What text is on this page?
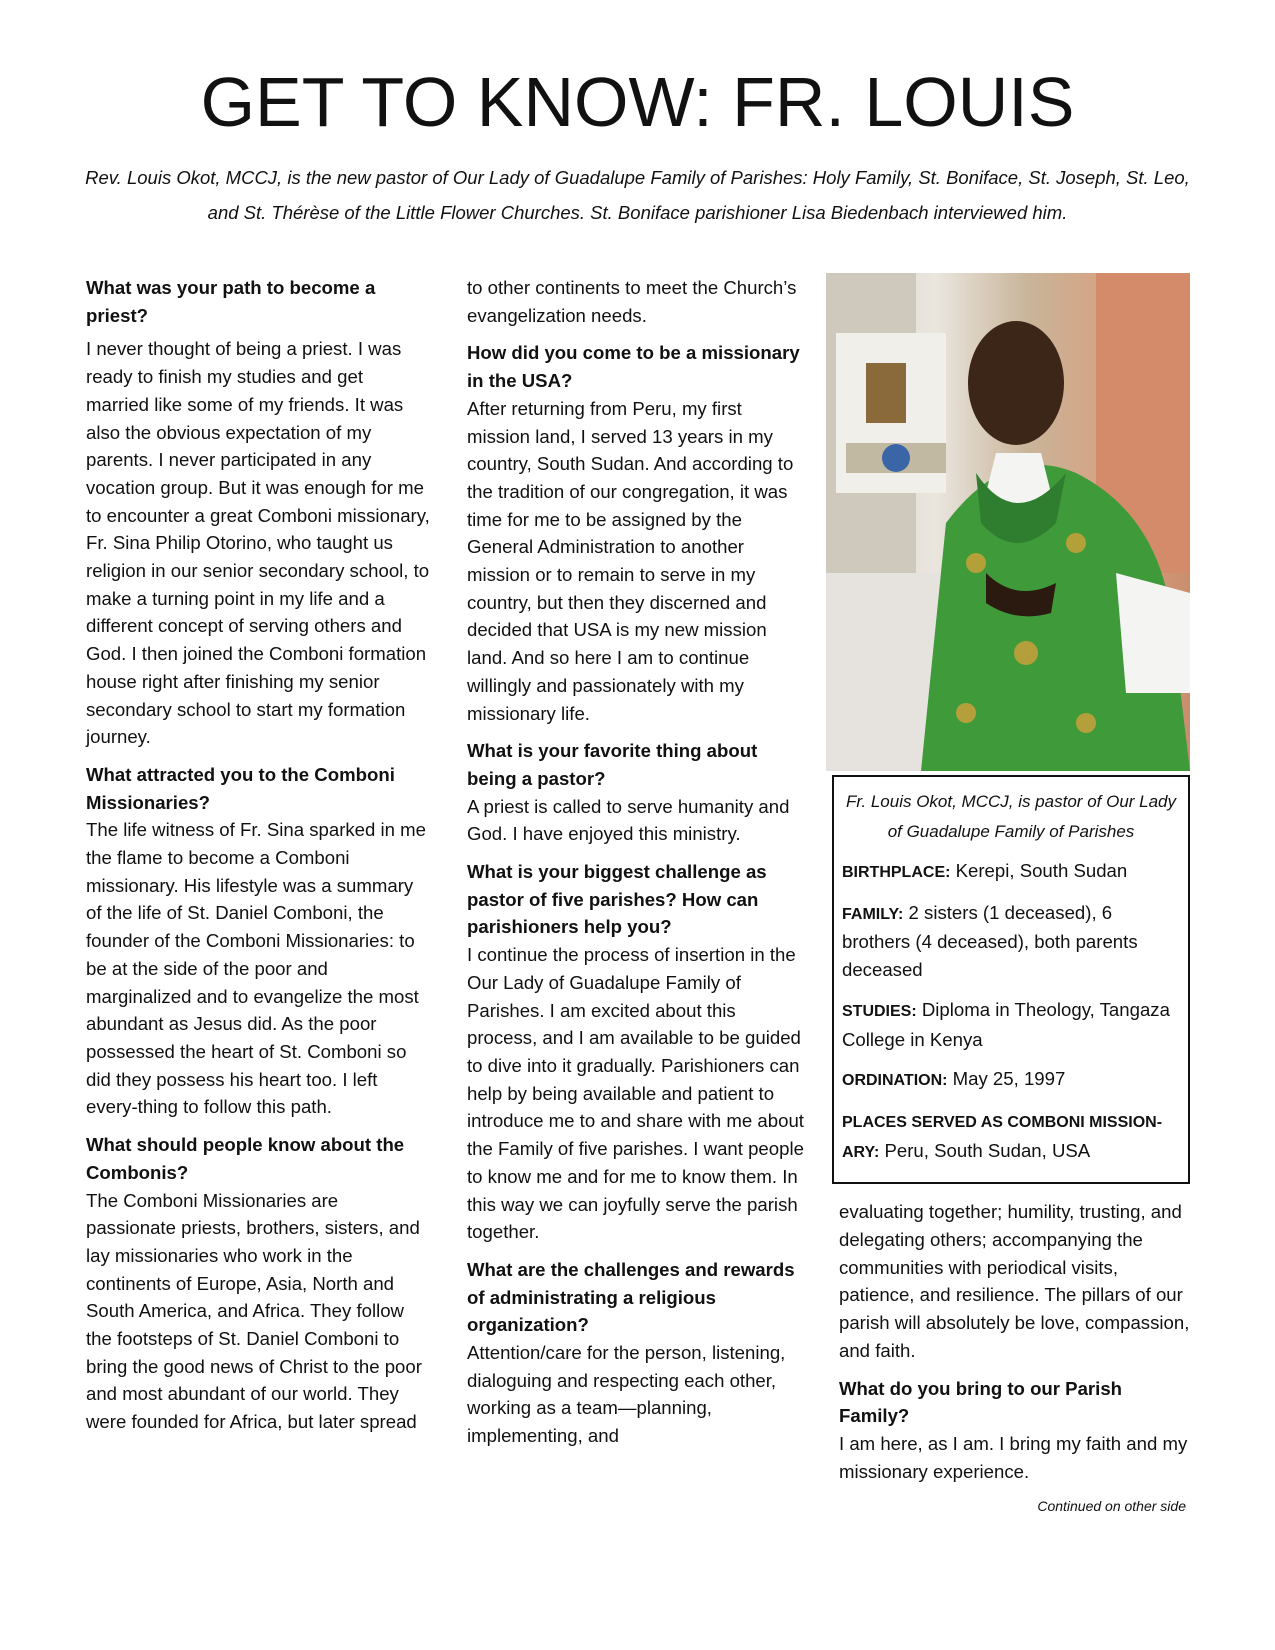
GET TO KNOW: FR. LOUIS
Rev. Louis Okot, MCCJ, is the new pastor of Our Lady of Guadalupe Family of Parishes: Holy Family, St. Boniface, St. Joseph, St. Leo, and St. Thérèse of the Little Flower Churches. St. Boniface parishioner Lisa Biedenbach interviewed him.
What was your path to become a priest?

I never thought of being a priest. I was ready to finish my studies and get married like some of my friends. It was also the obvious expectation of my parents. I never participated in any vocation group. But it was enough for me to encounter a great Comboni missionary, Fr. Sina Philip Otorino, who taught us religion in our senior secondary school, to make a turning point in my life and a different concept of serving others and God. I then joined the Comboni formation house right after finishing my senior secondary school to start my formation journey.

What attracted you to the Comboni Missionaries?

The life witness of Fr. Sina sparked in me the flame to become a Comboni missionary. His lifestyle was a summary of the life of St. Daniel Comboni, the founder of the Comboni Missionaries: to be at the side of the poor and marginalized and to evangelize the most abundant as Jesus did. As the poor possessed the heart of St. Comboni so did they possess his heart too. I left every-thing to follow this path.

What should people know about the Combonis?

The Comboni Missionaries are passionate priests, brothers, sisters, and lay missionaries who work in the continents of Europe, Asia, North and South America, and Africa. They follow the footsteps of St. Daniel Comboni to bring the good news of Christ to the poor and most abundant of our world. They were founded for Africa, but later spread

to other continents to meet the Church’s evangelization needs.

How did you come to be a missionary in the USA?

After returning from Peru, my first mission land, I served 13 years in my country, South Sudan. And according to the tradition of our congregation, it was time for me to be assigned by the General Administration to another mission or to remain to serve in my country, but then they discerned and decided that USA is my new mission land. And so here I am to continue willingly and passionately with my missionary life.

What is your favorite thing about being a pastor?

A priest is called to serve humanity and God. I have enjoyed this ministry.

What is your biggest challenge as pastor of five parishes? How can parishioners help you?

I continue the process of insertion in the Our Lady of Guadalupe Family of Parishes. I am excited about this process, and I am available to be guided to dive into it gradually. Parishioners can help by being available and patient to introduce me to and share with me about the Family of five parishes. I want people to know me and for me to know them. In this way we can joyfully serve the parish together.

What are the challenges and rewards of administrating a religious organization?

Attention/care for the person, listening, dialoguing and respecting each other, working as a team—planning, implementing, and

Fr. Louis Okot, MCCJ, is pastor of Our Lady of Guadalupe Family of Parishes
BIRTHPLACE: Kerepi, South Sudan
FAMILY: 2 sisters (1 deceased), 6 brothers (4 deceased), both parents deceased
STUDIES: Diploma in Theology, Tangaza College in Kenya
ORDINATION: May 25, 1997
PLACES SERVED AS COMBONI MISSION-ARY: Peru, South Sudan, USA

evaluating together; humility, trusting, and delegating others; accompanying the communities with periodical visits, patience, and resilience. The pillars of our parish will absolutely be love, compassion, and faith.

What do you bring to our Parish Family?

I am here, as I am. I bring my faith and my missionary experience.

Continued on other side
